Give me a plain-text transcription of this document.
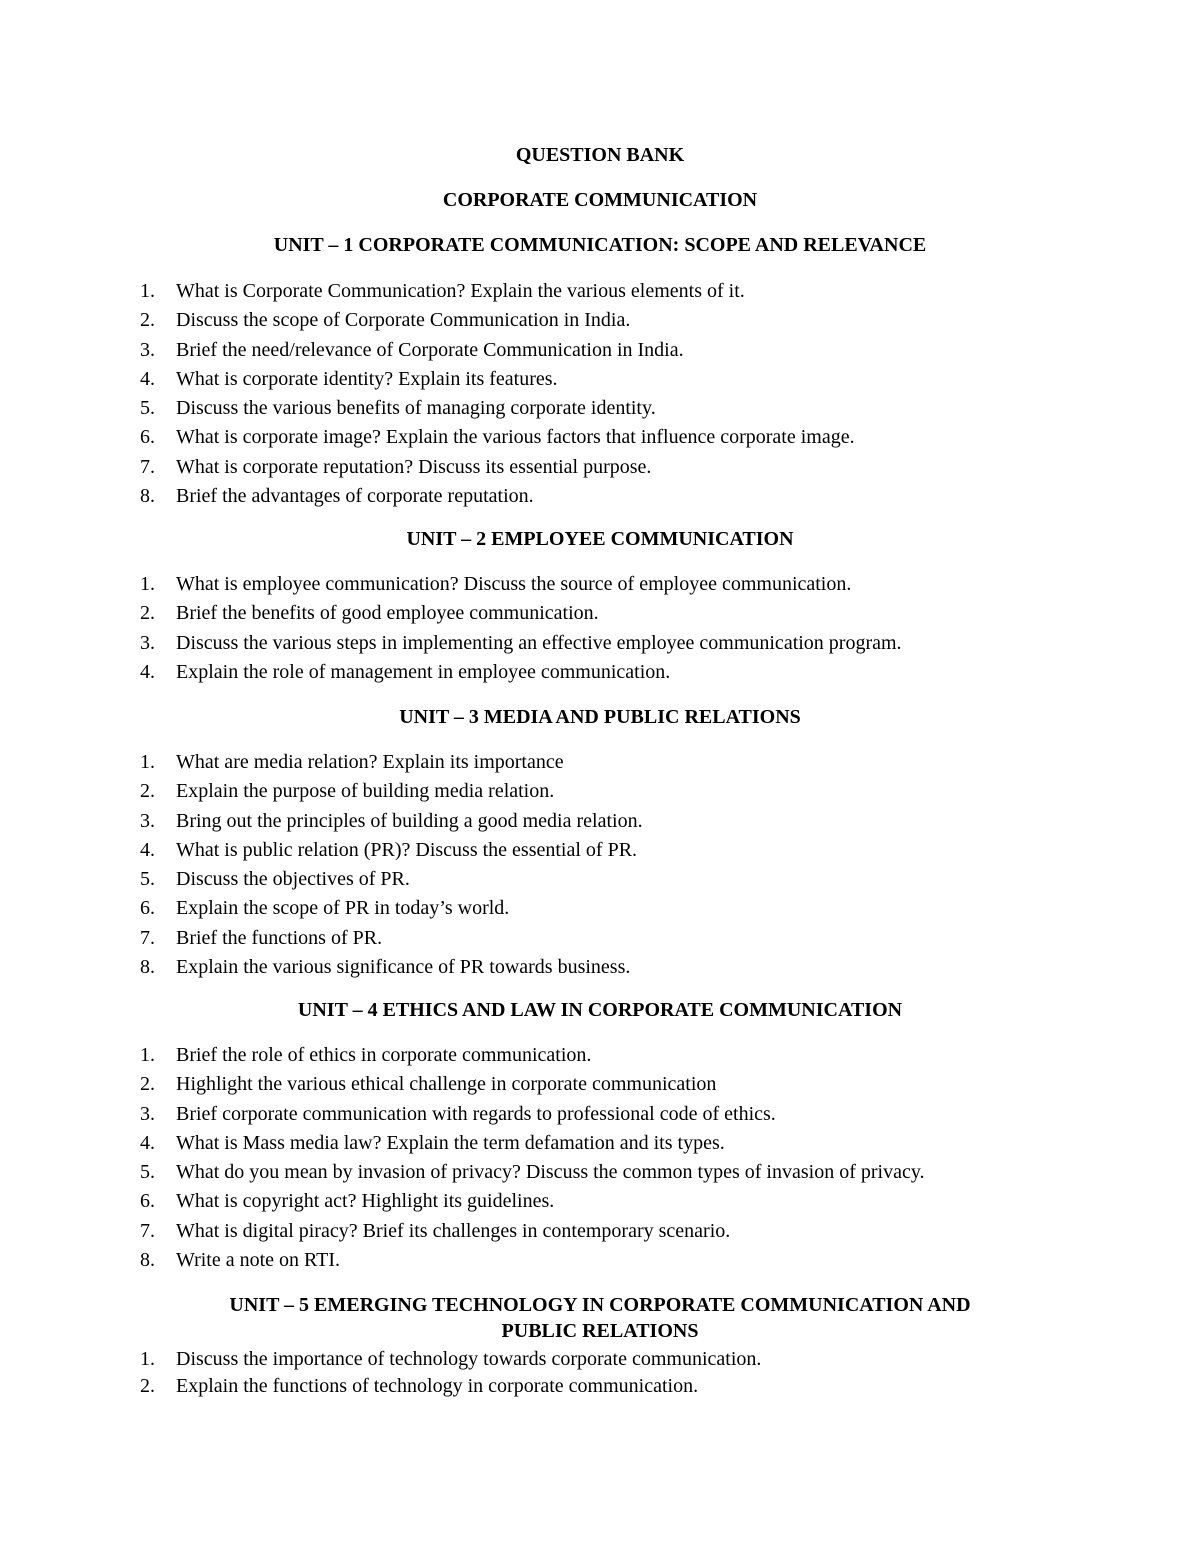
QUESTION BANK

CORPORATE COMMUNICATION

UNIT – 1 CORPORATE COMMUNICATION: SCOPE AND RELEVANCE

1.	What is Corporate Communication? Explain the various elements of it.
2.	Discuss the scope of Corporate Communication in India.
3.	Brief the need/relevance of Corporate Communication in India.
4.	What is corporate identity? Explain its features.
5.	Discuss the various benefits of managing corporate identity.
6.	What is corporate image? Explain the various factors that influence corporate image.
7.	What is corporate reputation? Discuss its essential purpose.
8.	Brief the advantages of corporate reputation.

UNIT – 2 EMPLOYEE COMMUNICATION

1.	What is employee communication? Discuss the source of employee communication.
2.	Brief the benefits of good employee communication.
3.	Discuss the various steps in implementing an effective employee communication program.
4.	Explain the role of management in employee communication.

UNIT – 3 MEDIA AND PUBLIC RELATIONS

1.	What are media relation? Explain its importance
2.	Explain the purpose of building media relation.
3.	Bring out the principles of building a good media relation.
4.	What is public relation (PR)? Discuss the essential of PR.
5.	Discuss the objectives of PR.
6.	Explain the scope of PR in today’s world.
7.	Brief the functions of PR.
8.	Explain the various significance of PR towards business.

UNIT – 4 ETHICS AND LAW IN CORPORATE COMMUNICATION

1.	Brief the role of ethics in corporate communication.
2.	Highlight the various ethical challenge in corporate communication
3.	Brief corporate communication with regards to professional code of ethics.
4.	What is Mass media law? Explain the term defamation and its types.
5.	What do you mean by invasion of privacy? Discuss the common types of invasion of privacy.
6.	What is copyright act? Highlight its guidelines.
7.	What is digital piracy? Brief its challenges in contemporary scenario.
8.	Write a note on RTI.

UNIT – 5 EMERGING TECHNOLOGY IN CORPORATE COMMUNICATION AND

PUBLIC RELATIONS

1.	Discuss the importance of technology towards corporate communication.
2.	Explain the functions of technology in corporate communication.
